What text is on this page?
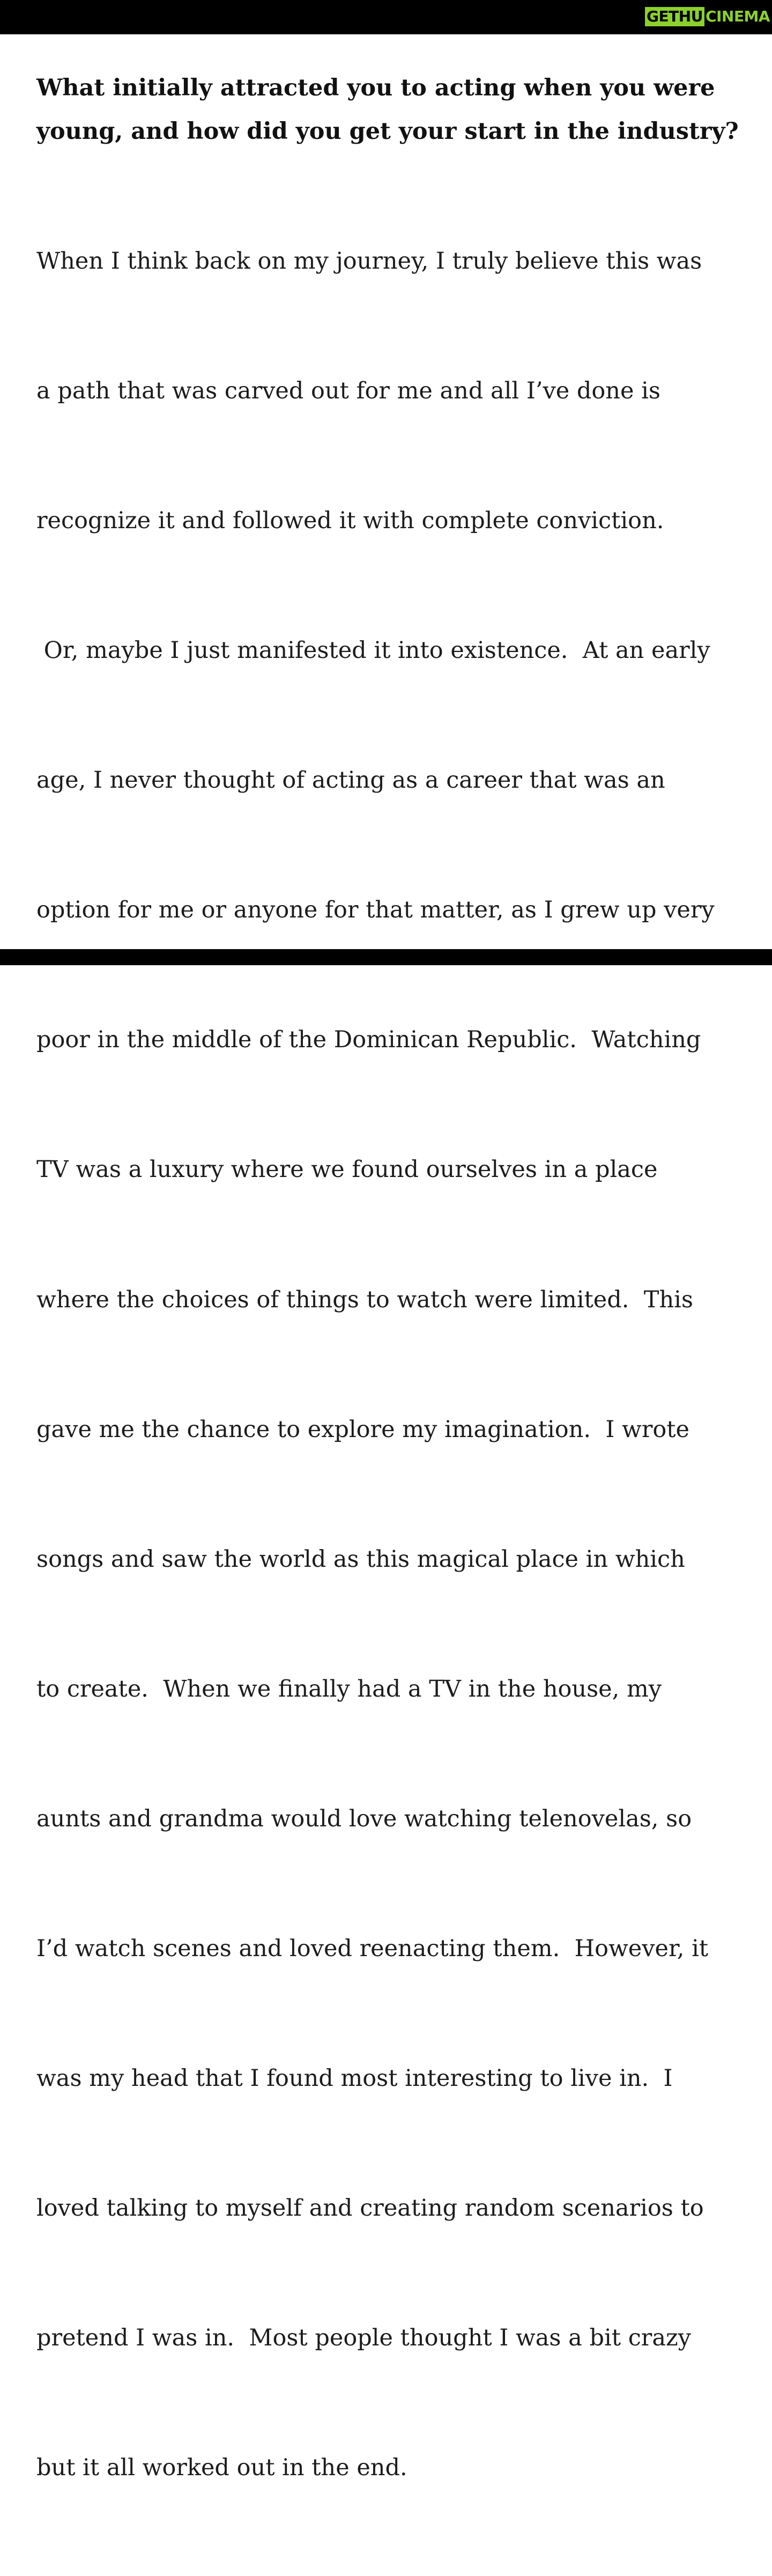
GETHU CINEMA
What initially attracted you to acting when you were
young, and how did you get your start in the industry?

When I think back on my journey, I truly believe this was

a path that was carved out for me and all I’ve done is

recognize it and followed it with complete conviction.

Or, maybe I just manifested it into existence.  At an early

age, I never thought of acting as a career that was an

option for me or anyone for that matter, as I grew up very

poor in the middle of the Dominican Republic.  Watching

TV was a luxury where we found ourselves in a place

where the choices of things to watch were limited.  This

gave me the chance to explore my imagination.  I wrote

songs and saw the world as this magical place in which

to create.  When we finally had a TV in the house, my

aunts and grandma would love watching telenovelas, so

I’d watch scenes and loved reenacting them.  However, it

was my head that I found most interesting to live in.  I

loved talking to myself and creating random scenarios to

pretend I was in.  Most people thought I was a bit crazy

but it all worked out in the end.
